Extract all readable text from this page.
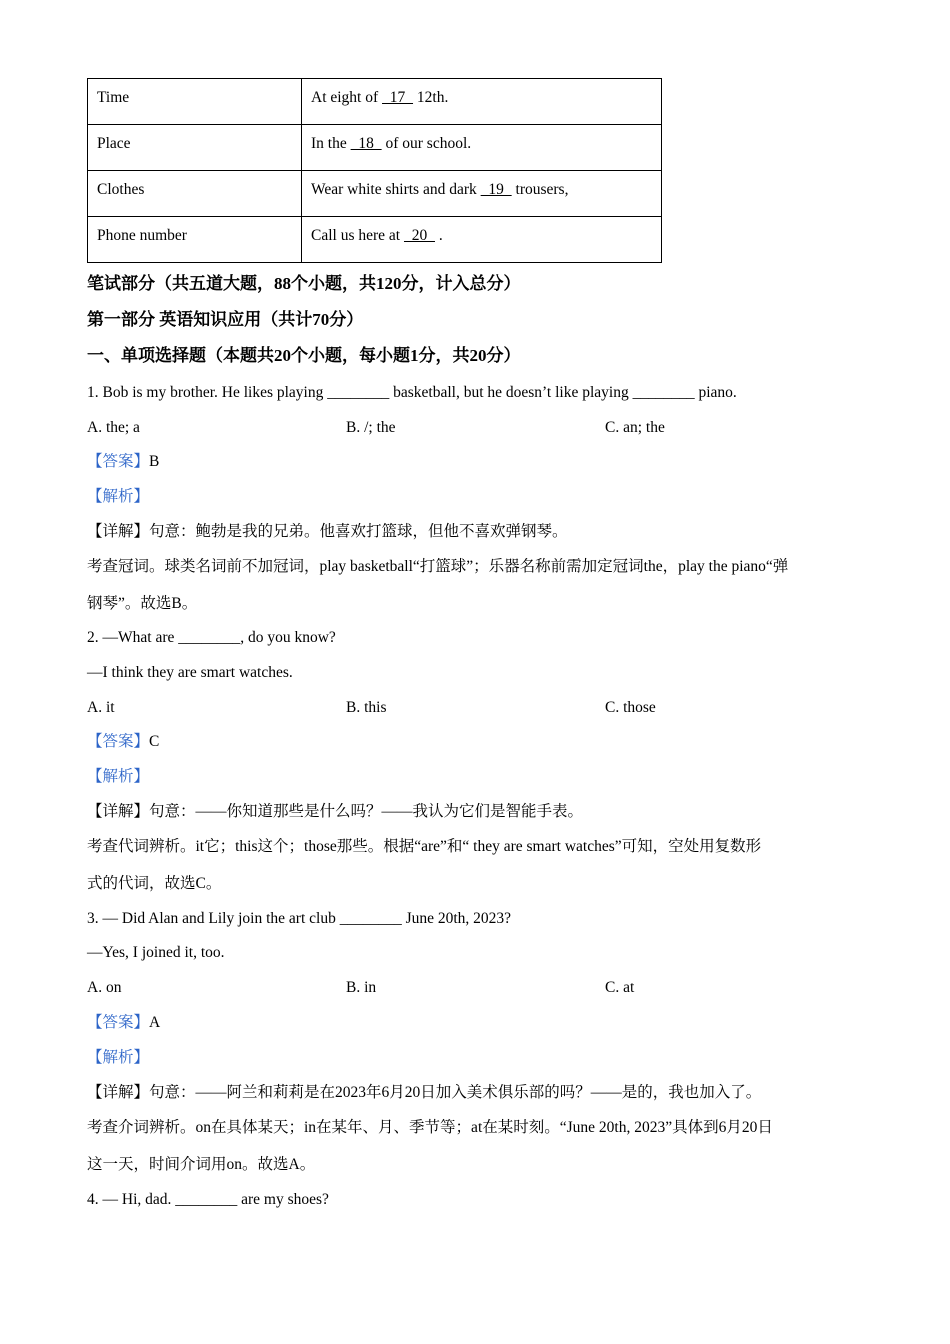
Time	At eight of   17   12th.
Place	In the   18   of our school.
Clothes	Wear white shirts and dark   19   trousers,
Phone number	Call us here at   20   .
笔试部分（共五道大题，88个小题，共120分，计入总分）
第一部分 英语知识应用（共计70分）
一、单项选择题（本题共20个小题，每小题1分，共20分）
1. Bob is my brother. He likes playing ________ basketball, but he doesn’t like playing ________ piano.
A. the; a	B. /; the	C. an; the
【答案】B
【解析】
【详解】句意：鲍勃是我的兄弟。他喜欢打篮球，但他不喜欢弹钢琴。
考查冠词。球类名词前不加冠词，play basketball“打篮球”；乐器名称前需加定冠词the，play the piano“弹
钢琴”。故选B。
2. —What are ________, do you know?
—I think they are smart watches.
A. it	B. this	C. those
【答案】C
【解析】
【详解】句意：——你知道那些是什么吗？——我认为它们是智能手表。
考查代词辨析。it它；this这个；those那些。根据“are”和“ they are smart watches”可知，空处用复数形
式的代词，故选C。
3. — Did Alan and Lily join the art club ________ June 20th, 2023?
—Yes, I joined it, too.
A. on	B. in	C. at
【答案】A
【解析】
【详解】句意：——阿兰和莉莉是在2023年6月20日加入美术俱乐部的吗？——是的，我也加入了。
考查介词辨析。on在具体某天；in在某年、月、季节等；at在某时刻。“June 20th, 2023”具体到6月20日
这一天，时间介词用on。故选A。
4. — Hi, dad. ________ are my shoes?
